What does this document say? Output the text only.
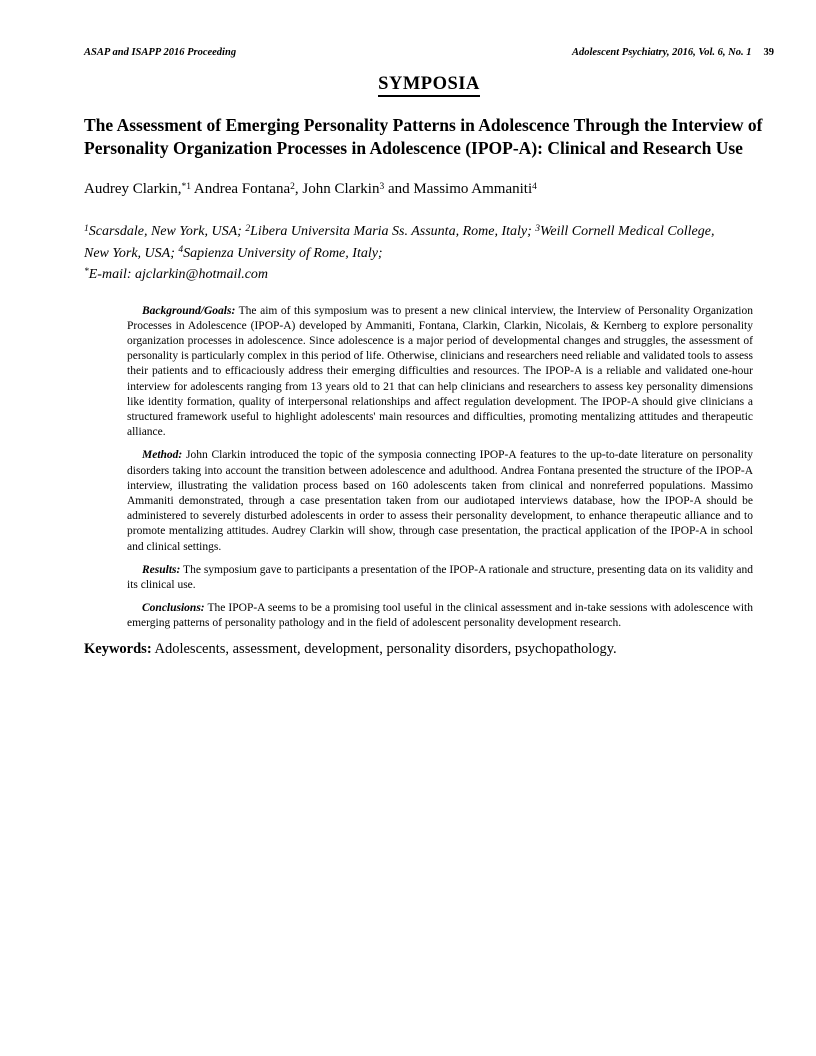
ASAP and ISAPP 2016 Proceeding	Adolescent Psychiatry, 2016, Vol. 6, No. 1 39
SYMPOSIA
The Assessment of Emerging Personality Patterns in Adolescence Through the Interview of Personality Organization Processes in Adolescence (IPOP-A): Clinical and Research Use
Audrey Clarkin,$^{*1}$ Andrea Fontana$^2$, John Clarkin$^3$ and Massimo Ammaniti$^4$
$^1$Scarsdale, New York, USA; $^2$Libera Universita Maria Ss. Assunta, Rome, Italy; $^3$Weill Cornell Medical College, New York, USA; $^4$Sapienza University of Rome, Italy;
*E-mail: ajclarkin@hotmail.com

Background/Goals: The aim of this symposium was to present a new clinical interview, the Interview of Personality Organization Processes in Adolescence (IPOP-A) developed by Ammaniti, Fontana, Clarkin, Clarkin, Nicolais, & Kernberg to explore personality organization processes in adolescence. Since adolescence is a major period of developmental changes and struggles, the assessment of personality is particularly complex in this period of life. Otherwise, clinicians and researchers need reliable and validated tools to assess their patients and to efficaciously address their emerging difficulties and resources. The IPOP-A is a reliable and validated one-hour interview for adolescents ranging from 13 years old to 21 that can help clinicians and researchers to assess key personality dimensions like identity formation, quality of interpersonal relationships and affect regulation development. The IPOP-A should give clinicians a structured framework useful to highlight adolescents' main resources and difficulties, promoting mentalizing attitudes and therapeutic alliance.

Method: John Clarkin introduced the topic of the symposia connecting IPOP-A features to the up-to-date literature on personality disorders taking into account the transition between adolescence and adulthood. Andrea Fontana presented the structure of the IPOP-A interview, illustrating the validation process based on 160 adolescents taken from clinical and nonreferred populations. Massimo Ammaniti demonstrated, through a case presentation taken from our audiotaped interviews database, how the IPOP-A should be administered to severely disturbed adolescents in order to assess their personality development, to enhance therapeutic alliance and to promote mentalizing attitudes. Audrey Clarkin will show, through case presentation, the practical application of the IPOP-A in school and clinical settings.

Results: The symposium gave to participants a presentation of the IPOP-A rationale and structure, presenting data on its validity and its clinical use.

Conclusions: The IPOP-A seems to be a promising tool useful in the clinical assessment and in-take sessions with adolescence with emerging patterns of personality pathology and in the field of adolescent personality development research.

Keywords: Adolescents, assessment, development, personality disorders, psychopathology.
